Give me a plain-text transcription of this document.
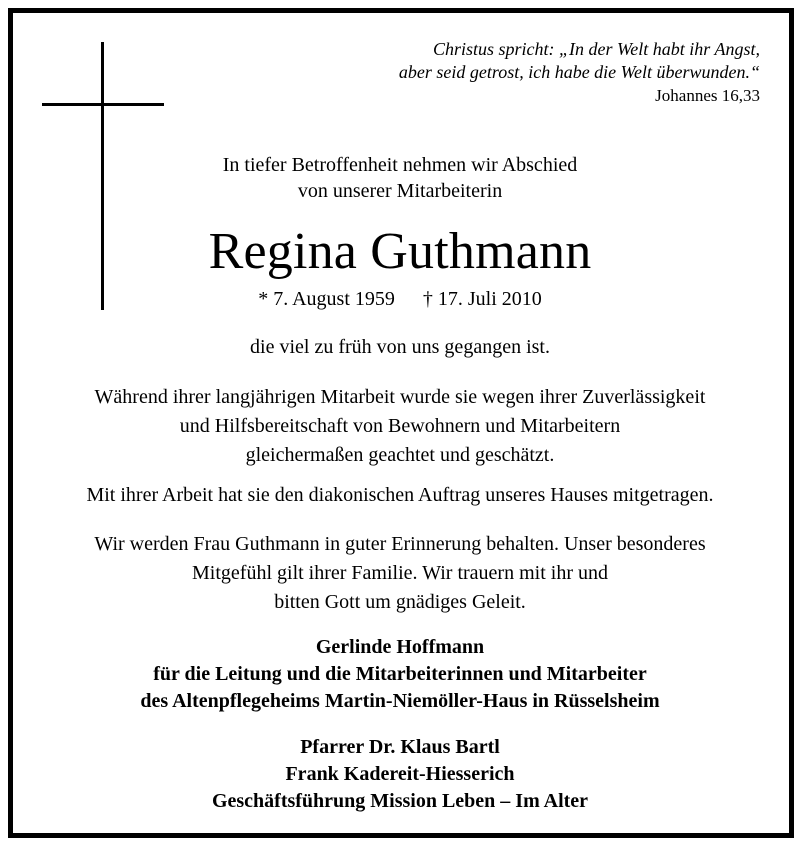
Christus spricht: „In der Welt habt ihr Angst,
aber seid getrost, ich habe die Welt überwunden.“
Johannes 16,33
In tiefer Betroffenheit nehmen wir Abschied
von unserer Mitarbeiterin
Regina Guthmann
* 7. August 1959 † 17. Juli 2010
die viel zu früh von uns gegangen ist.
Während ihrer langjährigen Mitarbeit wurde sie wegen ihrer Zuverlässigkeit
und Hilfsbereitschaft von Bewohnern und Mitarbeitern
gleichermaßen geachtet und geschätzt.
Mit ihrer Arbeit hat sie den diakonischen Auftrag unseres Hauses mitgetragen.
Wir werden Frau Guthmann in guter Erinnerung behalten. Unser besonderes
Mitgefühl gilt ihrer Familie. Wir trauern mit ihr und
bitten Gott um gnädiges Geleit.
Gerlinde Hoffmann
für die Leitung und die Mitarbeiterinnen und Mitarbeiter
des Altenpflegeheims Martin-Niemöller-Haus in Rüsselsheim
Pfarrer Dr. Klaus Bartl
Frank Kadereit-Hiesserich
Geschäftsführung Mission Leben – Im Alter
